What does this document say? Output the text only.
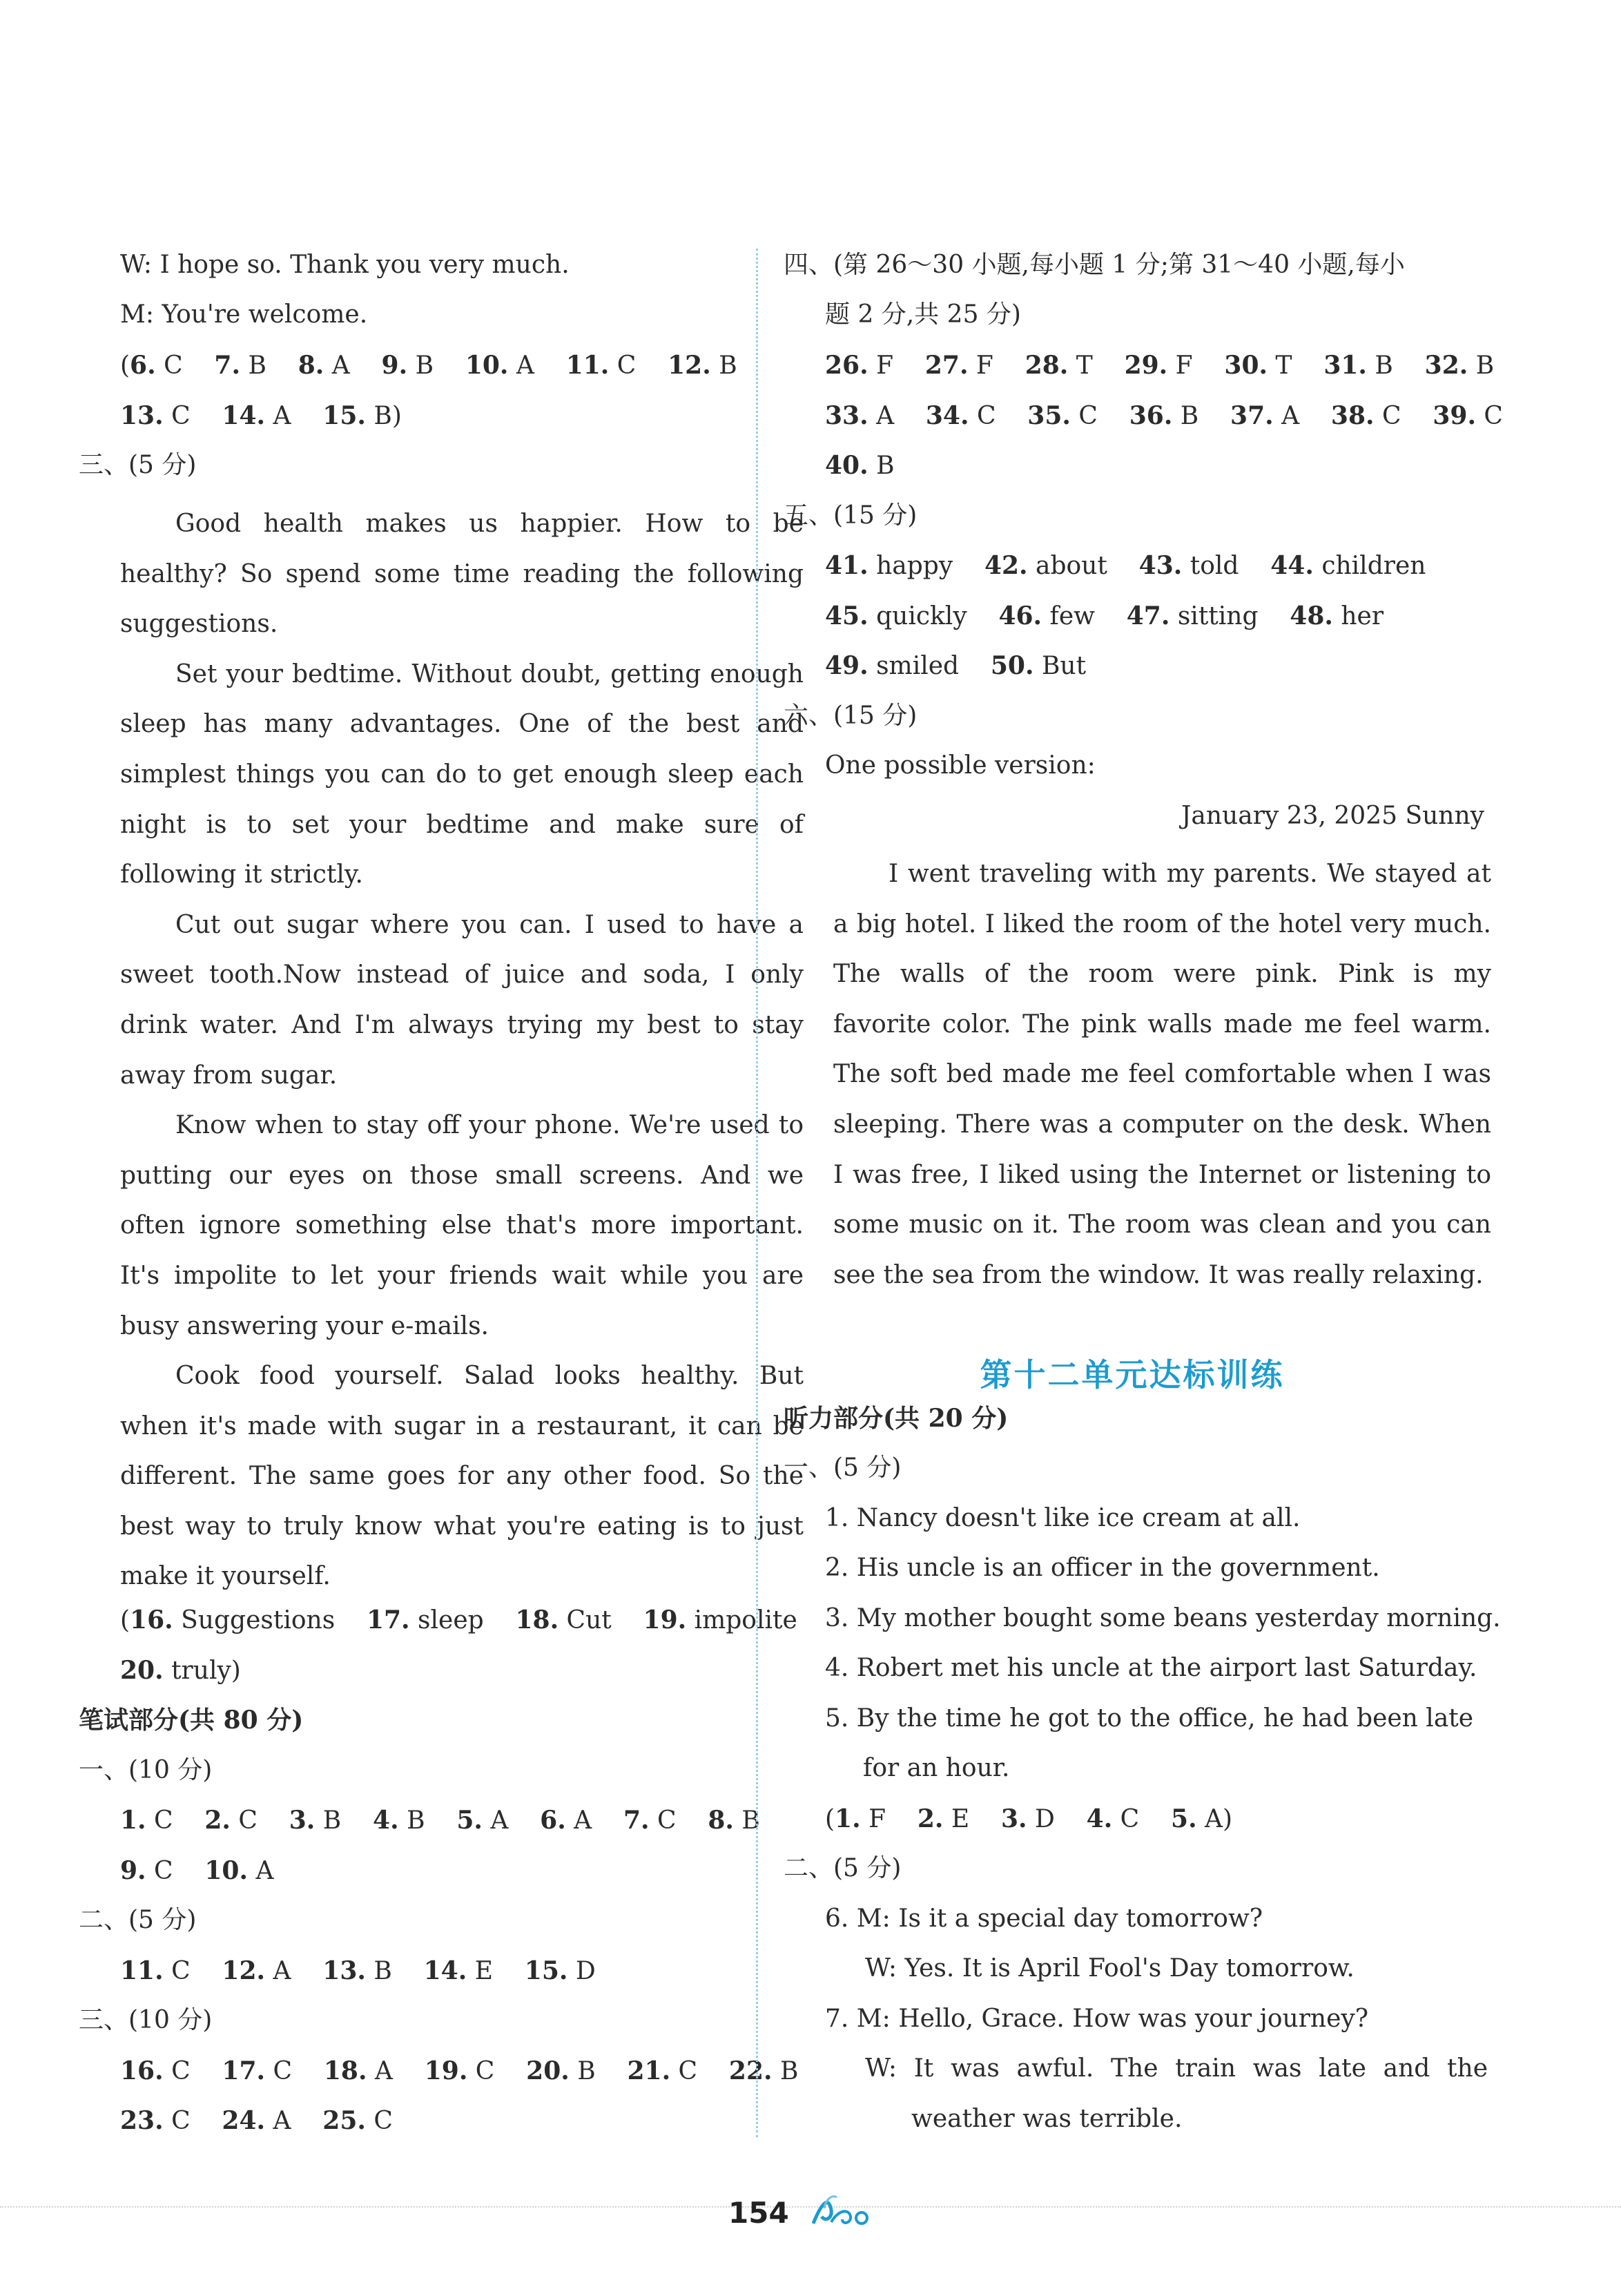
W: I hope so. Thank you very much.
M: You're welcome.
(6. C 7. B 8. A 9. B 10. A 11. C 12. B
13. C 14. A 15. B)
三、(5 分)

Good health makes us happier. How to be healthy? So spend some time reading the following suggestions.

Set your bedtime. Without doubt, getting enough sleep has many advantages. One of the best and simplest things you can do to get enough sleep each night is to set your bedtime and make sure of following it strictly.

Cut out sugar where you can. I used to have a sweet tooth.Now instead of juice and soda, I only drink water. And I'm always trying my best to stay away from sugar.

Know when to stay off your phone. We're used to putting our eyes on those small screens. And we often ignore something else that's more important. It's impolite to let your friends wait while you are busy answering your e-mails.

Cook food yourself. Salad looks healthy. But when it's made with sugar in a restaurant, it can be different. The same goes for any other food. So the best way to truly know what you're eating is to just make it yourself.

(16. Suggestions 17. sleep 18. Cut 19. impolite
20. truly)
笔试部分(共 80 分)
一、(10 分)
1. C 2. C 3. B 4. B 5. A 6. A 7. C 8. B
9. C 10. A
二、(5 分)
11. C 12. A 13. B 14. E 15. D
三、(10 分)
16. C 17. C 18. A 19. C 20. B 21. C 22. B
23. C 24. A 25. C
四、(第 26～30 小题,每小题 1 分;第 31～40 小题,每小
题 2 分,共 25 分)
26. F 27. F 28. T 29. F 30. T 31. B 32. B
33. A 34. C 35. C 36. B 37. A 38. C 39. C
40. B
五、(15 分)
41. happy 42. about 43. told 44. children
45. quickly 46. few 47. sitting 48. her
49. smiled 50. But
六、(15 分)
One possible version:
January 23, 2025 Sunny

I went traveling with my parents. We stayed at a big hotel. I liked the room of the hotel very much. The walls of the room were pink. Pink is my favorite color. The pink walls made me feel warm. The soft bed made me feel comfortable when I was sleeping. There was a computer on the desk. When I was free, I liked using the Internet or listening to some music on it. The room was clean and you can see the sea from the window. It was really relaxing.

第十二单元达标训练
听力部分(共 20 分)
一、(5 分)
1. Nancy doesn't like ice cream at all.
2. His uncle is an officer in the government.
3. My mother bought some beans yesterday morning.
4. Robert met his uncle at the airport last Saturday.
5. By the time he got to the office, he had been late
for an hour.
(1. F 2. E 3. D 4. C 5. A)
二、(5 分)
6. M: Is it a special day tomorrow?
W: Yes. It is April Fool's Day tomorrow.
7. M: Hello, Grace. How was your journey?
W: It was awful. The train was late and the
weather was terrible.
154
